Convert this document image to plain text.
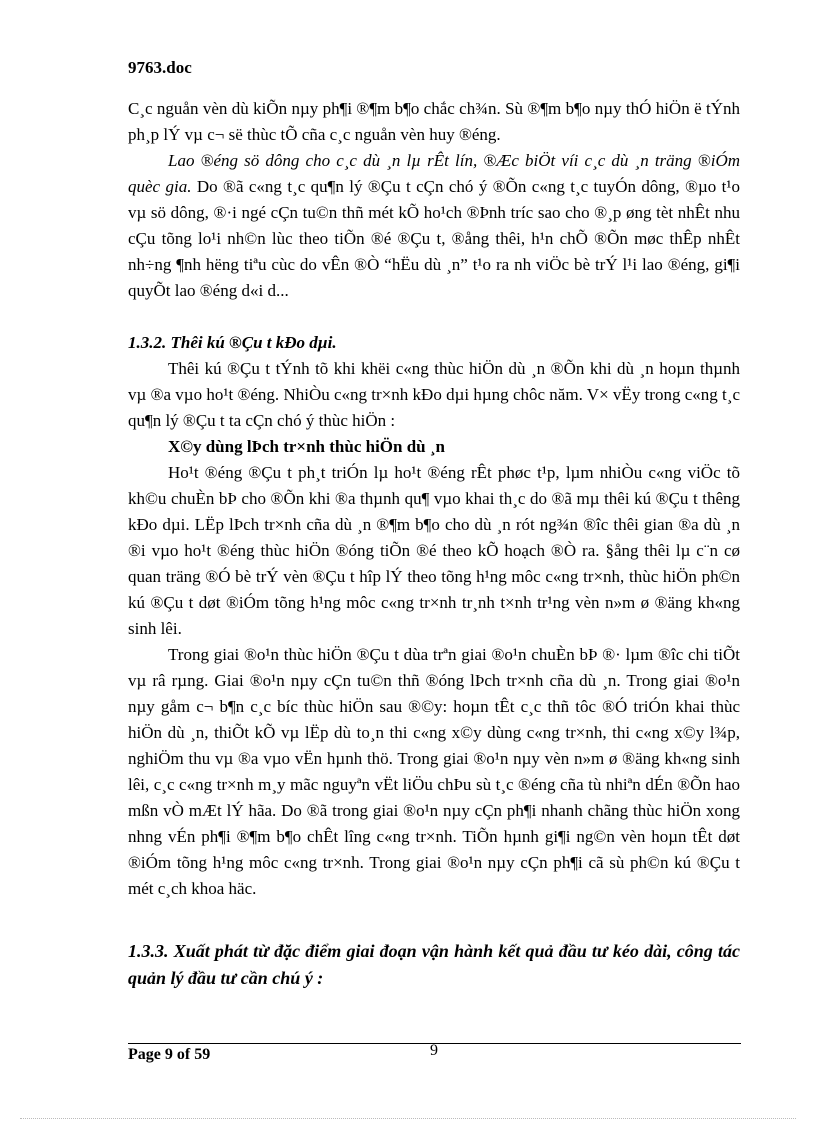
9763.doc

C¸c nguån vèn dù kiÕn nµy ph¶i ®¶m b¶o chắc ch¾n. Sù ®¶m b¶o nµy thÓ hiÖn ë tÝnh ph¸p lÝ vµ c¬ së thùc tÕ cña c¸c nguån vèn huy ®éng.

Lao ®éng sö dông cho c¸c dù ¸n lµ rÊt lín, ®Æc biÖt víi c¸c dù ¸n träng ®iÓm quèc gia. Do ®ã c«ng t¸c qu¶n lý ®Çu t cÇn chó ý ®Õn c«ng t¸c tuyÓn dông, ®µo t¹o vµ sö dông, ®·i ngé cÇn tu©n thñ mét kÕ ho¹ch ®Þnh tríc sao cho ®¸p øng tèt nhÊt nhu cÇu tõng lo¹i nh©n lùc theo tiÕn ®é ®Çu t, ®ång thêi, h¹n chÕ ®Õn møc thÊp nhÊt nh÷ng ¶nh hëng tiªu cùc do vÊn ®Ò “hËu dù ¸n” t¹o ra nh viÖc bè trÝ l¹i lao ®éng, gi¶i quyÕt lao ®éng d«i d...

1.3.2. Thêi kú ®Çu t kÐo dµi.

Thêi kú ®Çu t tÝnh tõ khi khëi c«ng thùc hiÖn dù ¸n ®Õn khi dù ¸n hoµn thµnh vµ ®a vµo ho¹t ®éng. NhiÒu c«ng tr×nh kÐo dµi hµng chôc năm. V× vËy trong c«ng t¸c qu¶n lý ®Çu t ta cÇn chó ý thùc hiÖn :

X©y dùng lÞch tr×nh thùc hiÖn dù ¸n

Ho¹t ®éng ®Çu t ph¸t triÓn lµ ho¹t ®éng rÊt phøc t¹p, lµm nhiÒu c«ng viÖc tõ kh©u chuÈn bÞ cho ®Õn khi ®a thµnh qu¶ vµo khai th¸c do ®ã mµ thêi kú ®Çu t thêng kÐo dµi. LËp lÞch tr×nh cña dù ¸n ®¶m b¶o cho dù ¸n rót ng¾n ®îc thêi gian ®a dù ¸n ®i vµo ho¹t ®éng thùc hiÖn ®óng tiÕn ®é theo kÕ hoạch ®Ò ra. §ång thêi lµ c¨n cø quan träng ®Ó bè trÝ vèn ®Çu t hîp lÝ theo tõng h¹ng môc c«ng tr×nh, thùc hiÖn ph©n kú ®Çu t døt ®iÓm tõng h¹ng môc c«ng tr×nh tr¸nh t×nh tr¹ng vèn n»m ø ®äng kh«ng sinh lêi.

Trong giai ®o¹n thùc hiÖn ®Çu t dùa trªn giai ®o¹n chuÈn bÞ ®· lµm ®îc chi tiÕt vµ râ rµng. Giai ®o¹n nµy cÇn tu©n thñ ®óng lÞch tr×nh cña dù ¸n. Trong giai ®o¹n nµy gåm c¬ b¶n c¸c bíc thùc hiÖn sau ®©y: hoµn tÊt c¸c thñ tôc ®Ó triÓn khai thùc hiÖn dù ¸n, thiÕt kÕ vµ lËp dù to¸n thi c«ng x©y dùng c«ng tr×nh, thi c«ng x©y l¾p, nghiÖm thu vµ ®a vµo vËn hµnh thö. Trong giai ®o¹n nµy vèn n»m ø ®äng kh«ng sinh lêi, c¸c c«ng tr×nh m¸y mãc nguyªn vËt liÖu chÞu sù t¸c ®éng cña tù nhiªn dÉn ®Õn hao mßn vÒ mÆt lÝ hãa. Do ®ã trong giai ®o¹n nµy cÇn ph¶i nhanh chãng thùc hiÖn xong nhng vÉn ph¶i ®¶m b¶o chÊt lîng c«ng tr×nh. TiÕn hµnh gi¶i ng©n vèn hoµn tÊt døt ®iÓm tõng h¹ng môc c«ng tr×nh. Trong giai ®o¹n nµy cÇn ph¶i cã sù ph©n kú ®Çu t mét c¸ch khoa häc.

1.3.3. Xuất phát từ đặc điểm giai đoạn vận hành kết quả đầu tư kéo dài, công tác quản lý đầu tư cần chú ý :

Page 9 of 59	9
